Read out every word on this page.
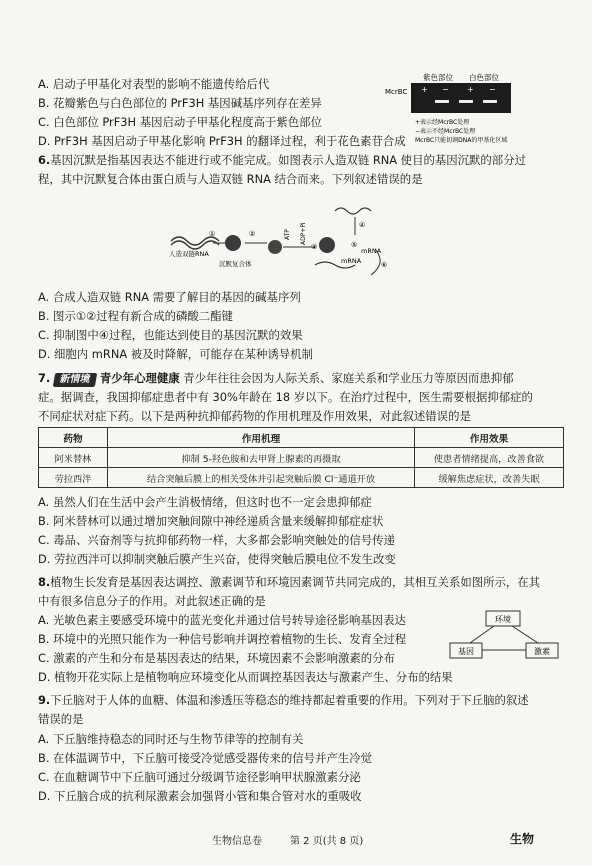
A. 启动子甲基化对表型的影响不能遗传给后代
B. 花瓣紫色与白色部位的 PrF3H 基因碱基序列存在差异
C. 白色部位 PrF3H 基因启动子甲基化程度高于紫色部位
D. PrF3H 基因启动子甲基化影响 PrF3H 的翻译过程，利于花色素苷合成
紫色部位 白色部位
McrBC + − + −
+表示经McrBC处理
−表示不经McrBC处理
McrBC只能切割DNA的甲基化区域
6.基因沉默是指基因表达不能进行或不能完成。如图表示人造双链 RNA 使目的基因沉默的部分过
程，其中沉默复合体由蛋白质与人造双链 RNA 结合而来。下列叙述错误的是
人造双链RNA
①
沉默复合体
②	ATP ADP+Pi
③
④
⑤
mRNA
mRNA	⑥
A. 合成人造双链 RNA 需要了解目的基因的碱基序列
B. 图示①②过程有新合成的磷酸二酯键
C. 抑制图中④过程，也能达到使目的基因沉默的效果
D. 细胞内 mRNA 被及时降解，可能存在某种诱导机制
7. 新情境 青少年心理健康 青少年往往会因为人际关系、家庭关系和学业压力等原因而患抑郁
症。据调查，我国抑郁症患者中有 30%年龄在 18 岁以下。在治疗过程中，医生需要根据抑郁症的
不同症状对症下药。以下是两种抗抑郁药物的作用机理及作用效果，对此叙述错误的是
药物	作用机理	作用效果
阿米替林	抑制 5-羟色胺和去甲肾上腺素的再摄取	使患者情绪提高，改善食欲
劳拉西泮	结合突触后膜上的相关受体并引起突触后膜 Cl⁻通道开放	缓解焦虑症状，改善失眠
A. 虽然人们在生活中会产生消极情绪，但这时也不一定会患抑郁症
B. 阿米替林可以通过增加突触间隙中神经递质含量来缓解抑郁症症状
C. 毒品、兴奋剂等与抗抑郁药物一样，大多都会影响突触处的信号传递
D. 劳拉西泮可以抑制突触后膜产生兴奋，使得突触后膜电位不发生改变
8.植物生长发育是基因表达调控、激素调节和环境因素调节共同完成的，其相互关系如图所示，在其
中有很多信息分子的作用。对此叙述正确的是
A. 光敏色素主要感受环境中的蓝光变化并通过信号转导途径影响基因表达
B. 环境中的光照只能作为一种信号影响并调控着植物的生长、发育全过程
C. 激素的产生和分布是基因表达的结果，环境因素不会影响激素的分布
D. 植物开花实际上是植物响应环境变化从而调控基因表达与激素产生、分布的结果
环境
基因	激素
9.下丘脑对于人体的血糖、体温和渗透压等稳态的维持都起着重要的作用。下列对于下丘脑的叙述
错误的是
A. 下丘脑维持稳态的同时还与生物节律等的控制有关
B. 在体温调节中，下丘脑可接受冷觉感受器传来的信号并产生冷觉
C. 在血糖调节中下丘脑可通过分级调节途径影响甲状腺激素分泌
D. 下丘脑合成的抗利尿激素会加强肾小管和集合管对水的重吸收
生物信息卷	第 2 页(共 8 页)	生物
